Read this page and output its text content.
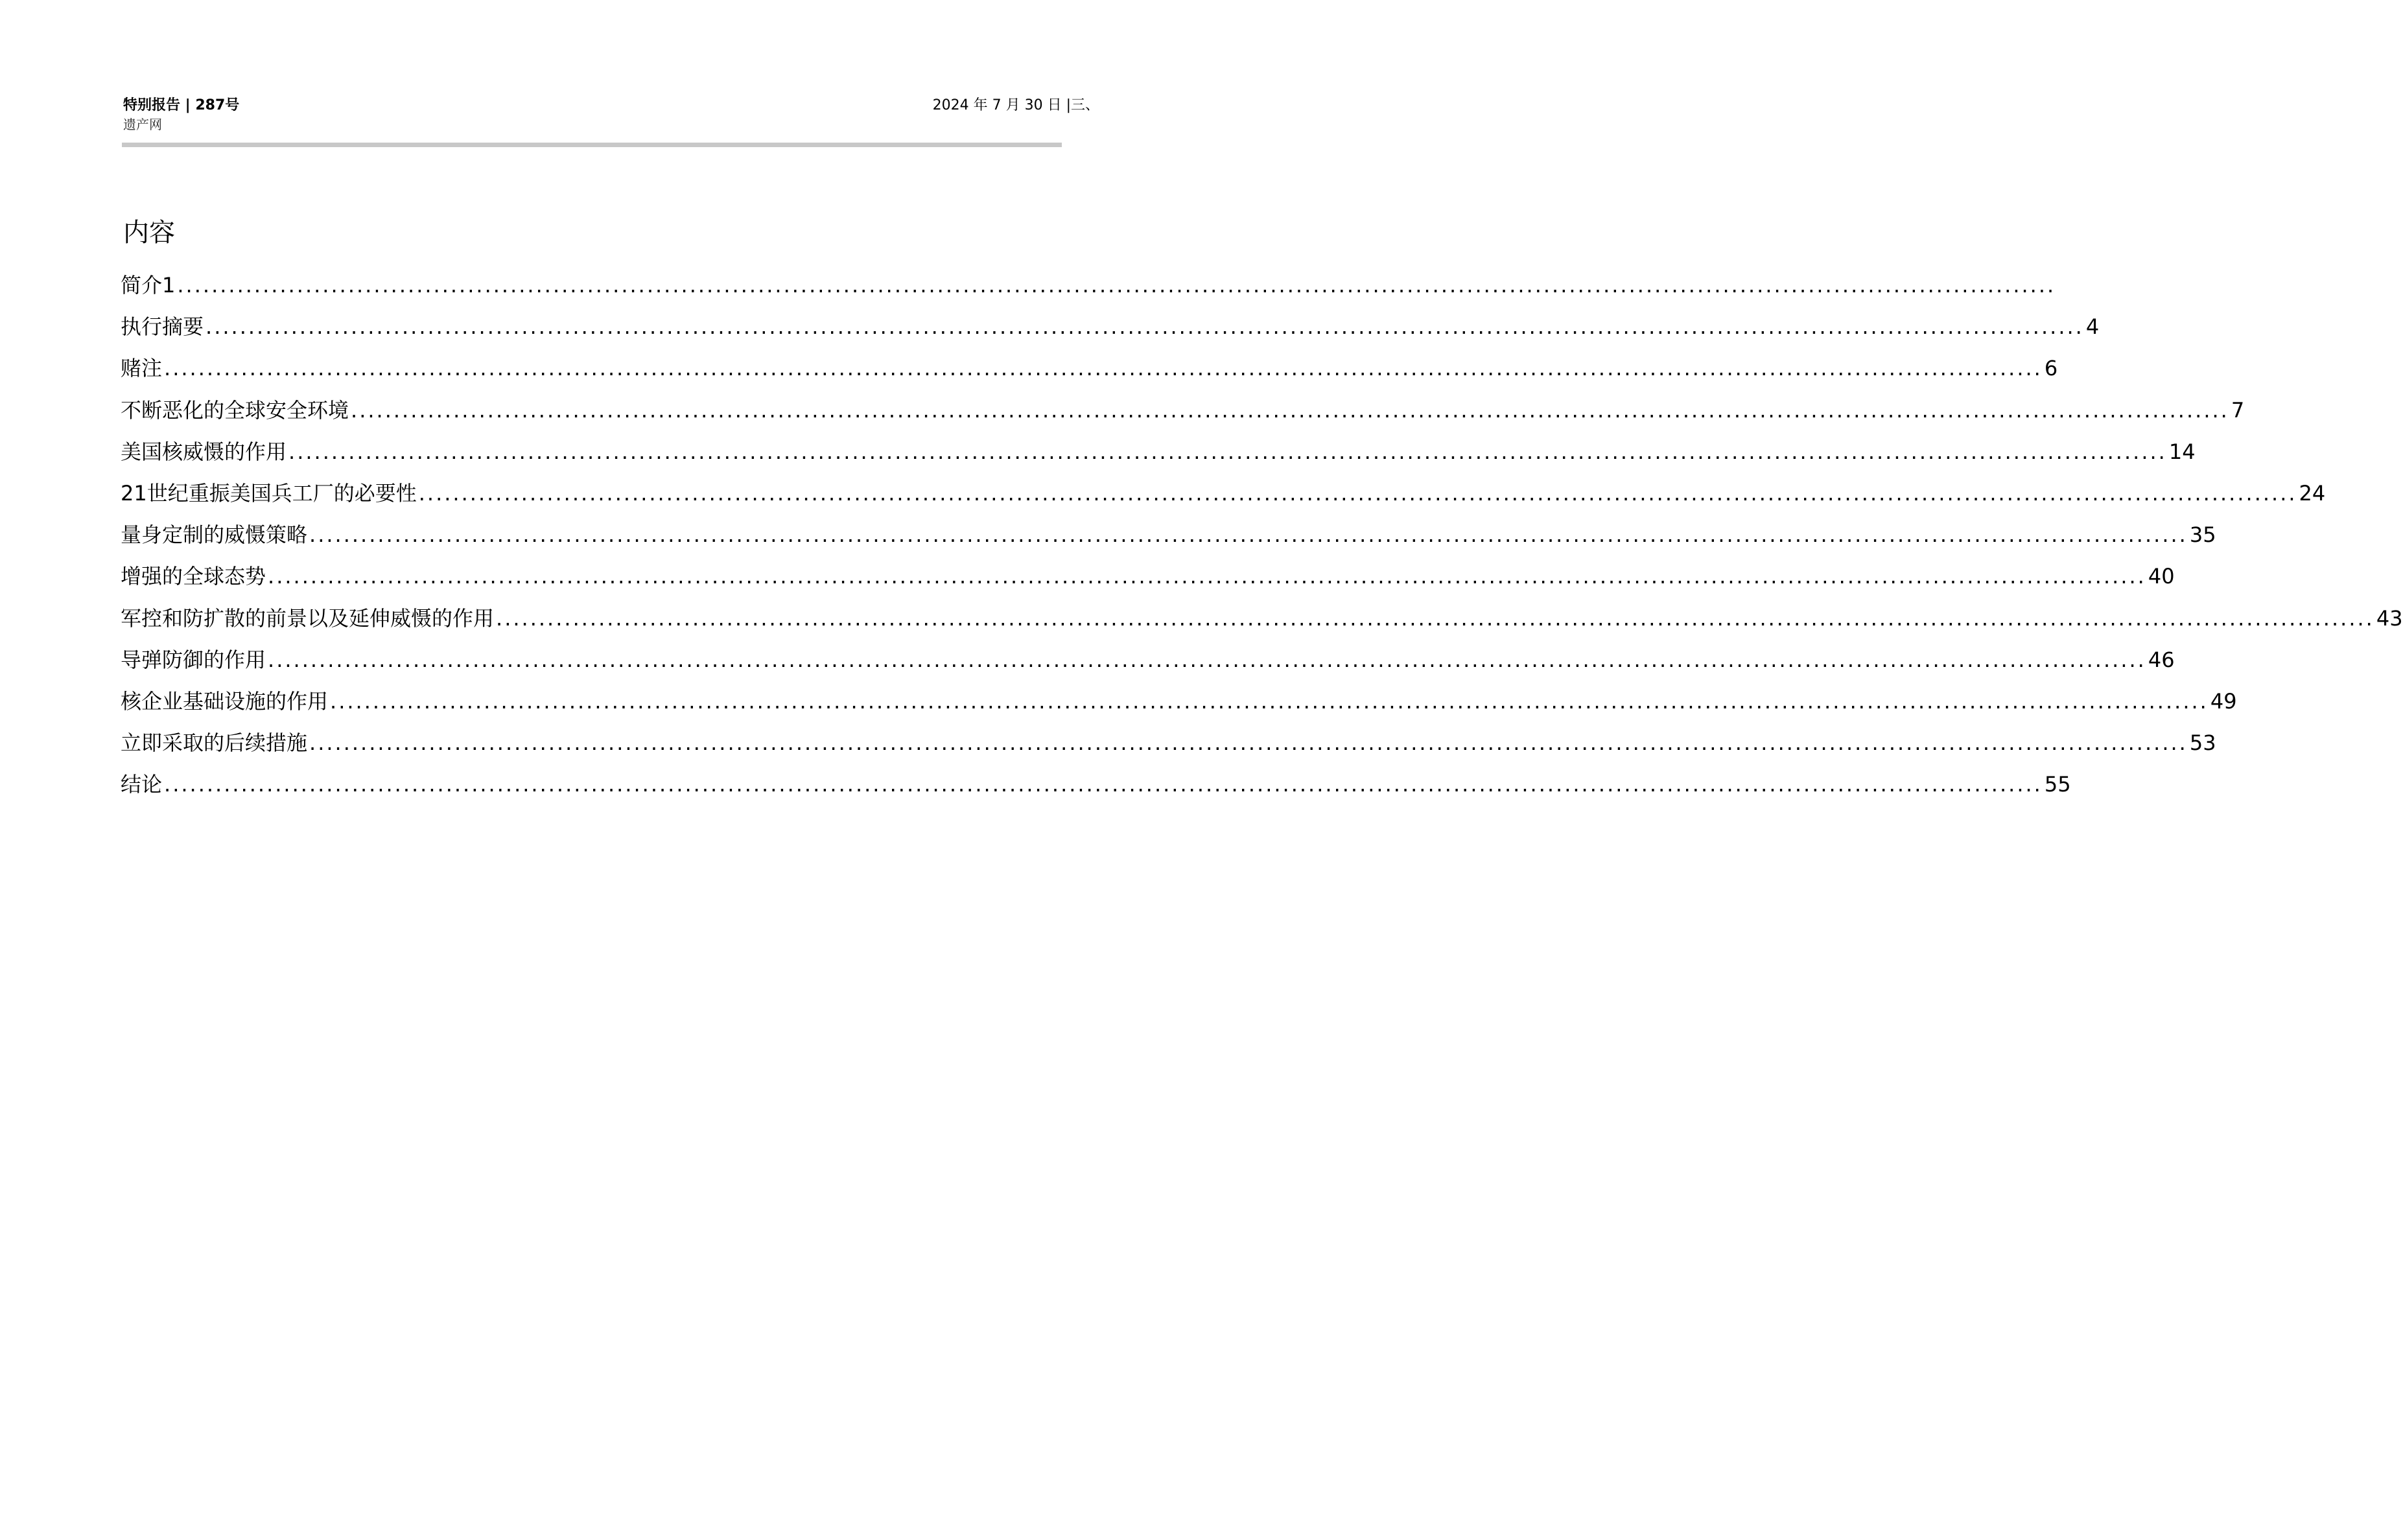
特别报告 | 287号
遗产网
2024 年 7 月 30 日 |三、
内容
简介1 ............................................................................................................................................................................................................................
执行摘要 ............................................................................................................................................................................................................................ 4
赌注 ............................................................................................................................................................................................................................ 6
不断恶化的全球安全环境 ............................................................................................................................................................................................................................ 7
美国核威慑的作用 ............................................................................................................................................................................................................................ 14
21世纪重振美国兵工厂的必要性 ............................................................................................................................................................................................................................ 24
量身定制的威慑策略 ............................................................................................................................................................................................................................ 35
增强的全球态势 ............................................................................................................................................................................................................................ 40
军控和防扩散的前景以及延伸威慑的作用 ............................................................................................................................................................................................................................ 43
导弹防御的作用 ............................................................................................................................................................................................................................ 46
核企业基础设施的作用 ............................................................................................................................................................................................................................ 49
立即采取的后续措施 ............................................................................................................................................................................................................................ 53
结论 ............................................................................................................................................................................................................................ 55
